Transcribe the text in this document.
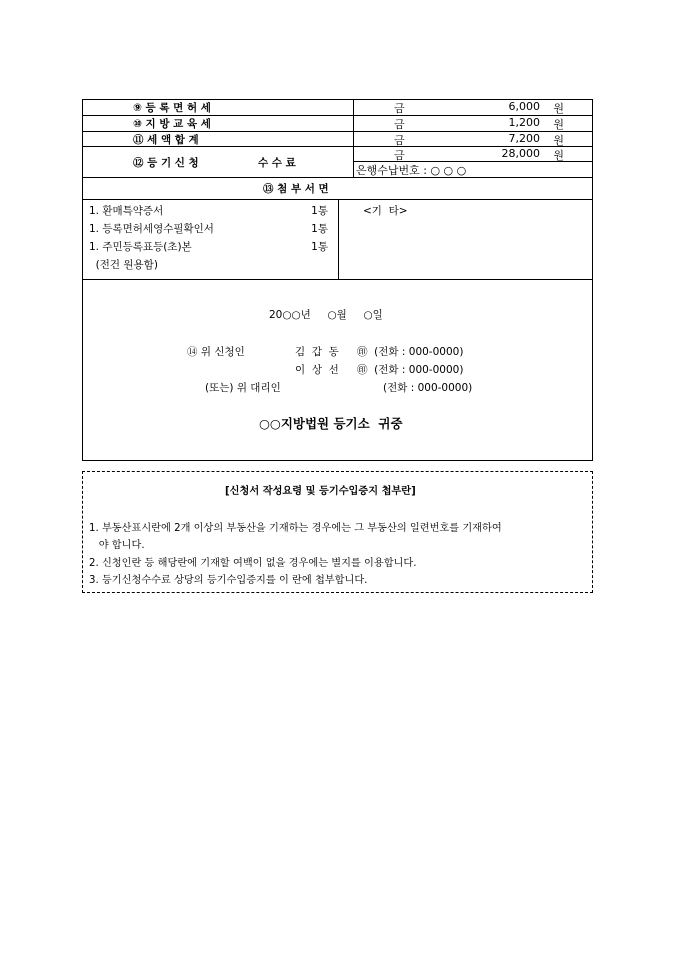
⑨ 등 록 면 허 세	금	6,000 원
⑩ 지 방 교 육 세	금	1,200 원
⑪ 세 액 합 계	금	7,200 원
⑫ 등 기 신 청	수 수 료
금	28,000 원
은행수납번호 : ○ ○ ○
⑬ 첨 부 서 면
1. 환매특약증서	1통
1. 등록면허세영수필확인서	1통
1. 주민등록표등(초)본	1통
(전건 원용함)
<기  타>
20○○년     ○월     ○일
⑭ 위 신청인	김  갑  동 ㊞  (전화 : 000-0000)
이  상  선 ㊞  (전화 : 000-0000)
(또는) 위 대리인	(전화 : 000-0000)
○○지방법원 등기소  귀중
[신청서 작성요령 및 등기수입증지 첩부란]
1. 부동산표시란에 2개 이상의 부동산을 기재하는 경우에는 그 부동산의 일련번호를 기재하여
야 합니다.
2. 신청인란 등 해당란에 기재할 여백이 없을 경우에는 별지를 이용합니다.
3. 등기신청수수료 상당의 등기수입증지를 이 란에 첩부합니다.
